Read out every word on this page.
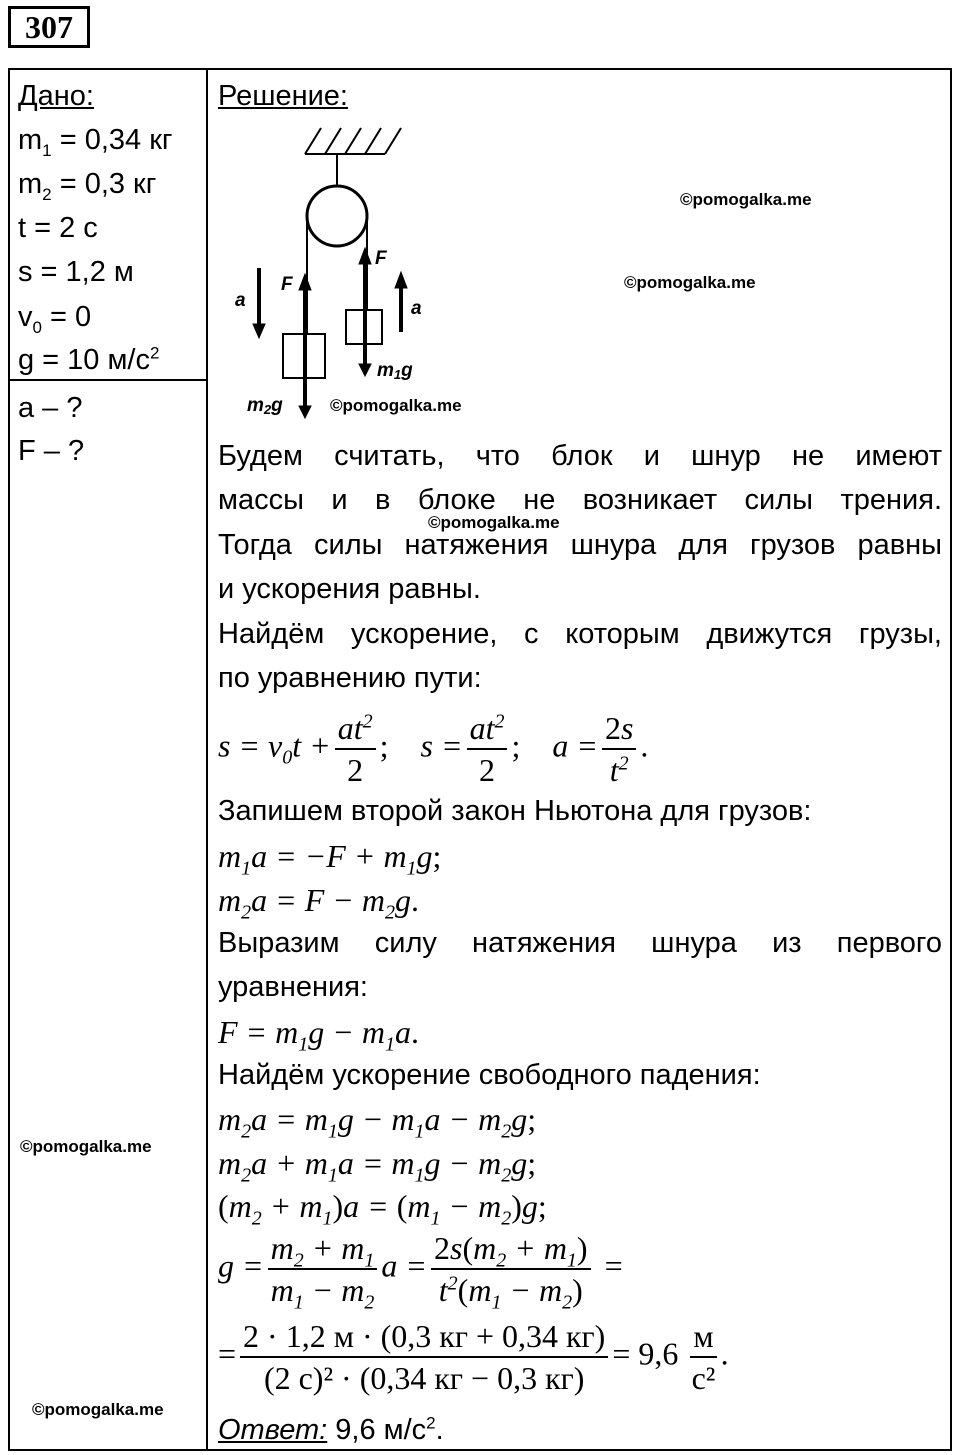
307
Дано:
$m_1 = 0,34$ кг
$m_2 = 0,3$ кг
t = 2 с
s = 1,2 м
$v_0 = 0$
g = 10 $м/с^2$
a – ?
F – ?
Решение:
a
F
F
a
m1g
m2g
©pomogalka.me
©pomogalka.me
©pomogalka.me
©pomogalka.me
©pomogalka.me
©pomogalka.me
Будем считать, что блок и шнур не имеют
массы и в блоке не возникает силы трения.
Тогда силы натяжения шнура для грузов равны
и ускорения равны.
Найдём ускорение, с которым движутся грузы,
по уравнению пути:
$s = v_0t + \frac{at^2}{2}$ ;    $s = \frac{at^2}{2}$ ;    $a = \frac{2s}{t^2}$ .
Запишем второй закон Ньютона для грузов:
$m_1a = -F + m_1g$;
$m_2a = F - m_2g$.
Выразим силу натяжения шнура из первого
уравнения:
$F = m_1g - m_1a$.
Найдём ускорение свободного падения:
$m_2a = m_1g - m_1a - m_2g$;
$m_2a + m_1a = m_1g - m_2g$;
$(m_2 + m_1)a = (m_1 - m_2)g$;
$g = \frac{m_2 + m_1}{m_1 - m_2}$ $a = \frac{2s(m_2 + m_1)}{t^2(m_1 - m_2)}$ =
= $\frac{2 \cdot 1,2 м \cdot (0,3 кг + 0,34 кг)}{\text{(2 с)² · (0,34 кг − 0,3 кг)}} = 9,6 \frac{м}{\text{с²}}$ .
Ответ: 9,6 $м/с^2$.
